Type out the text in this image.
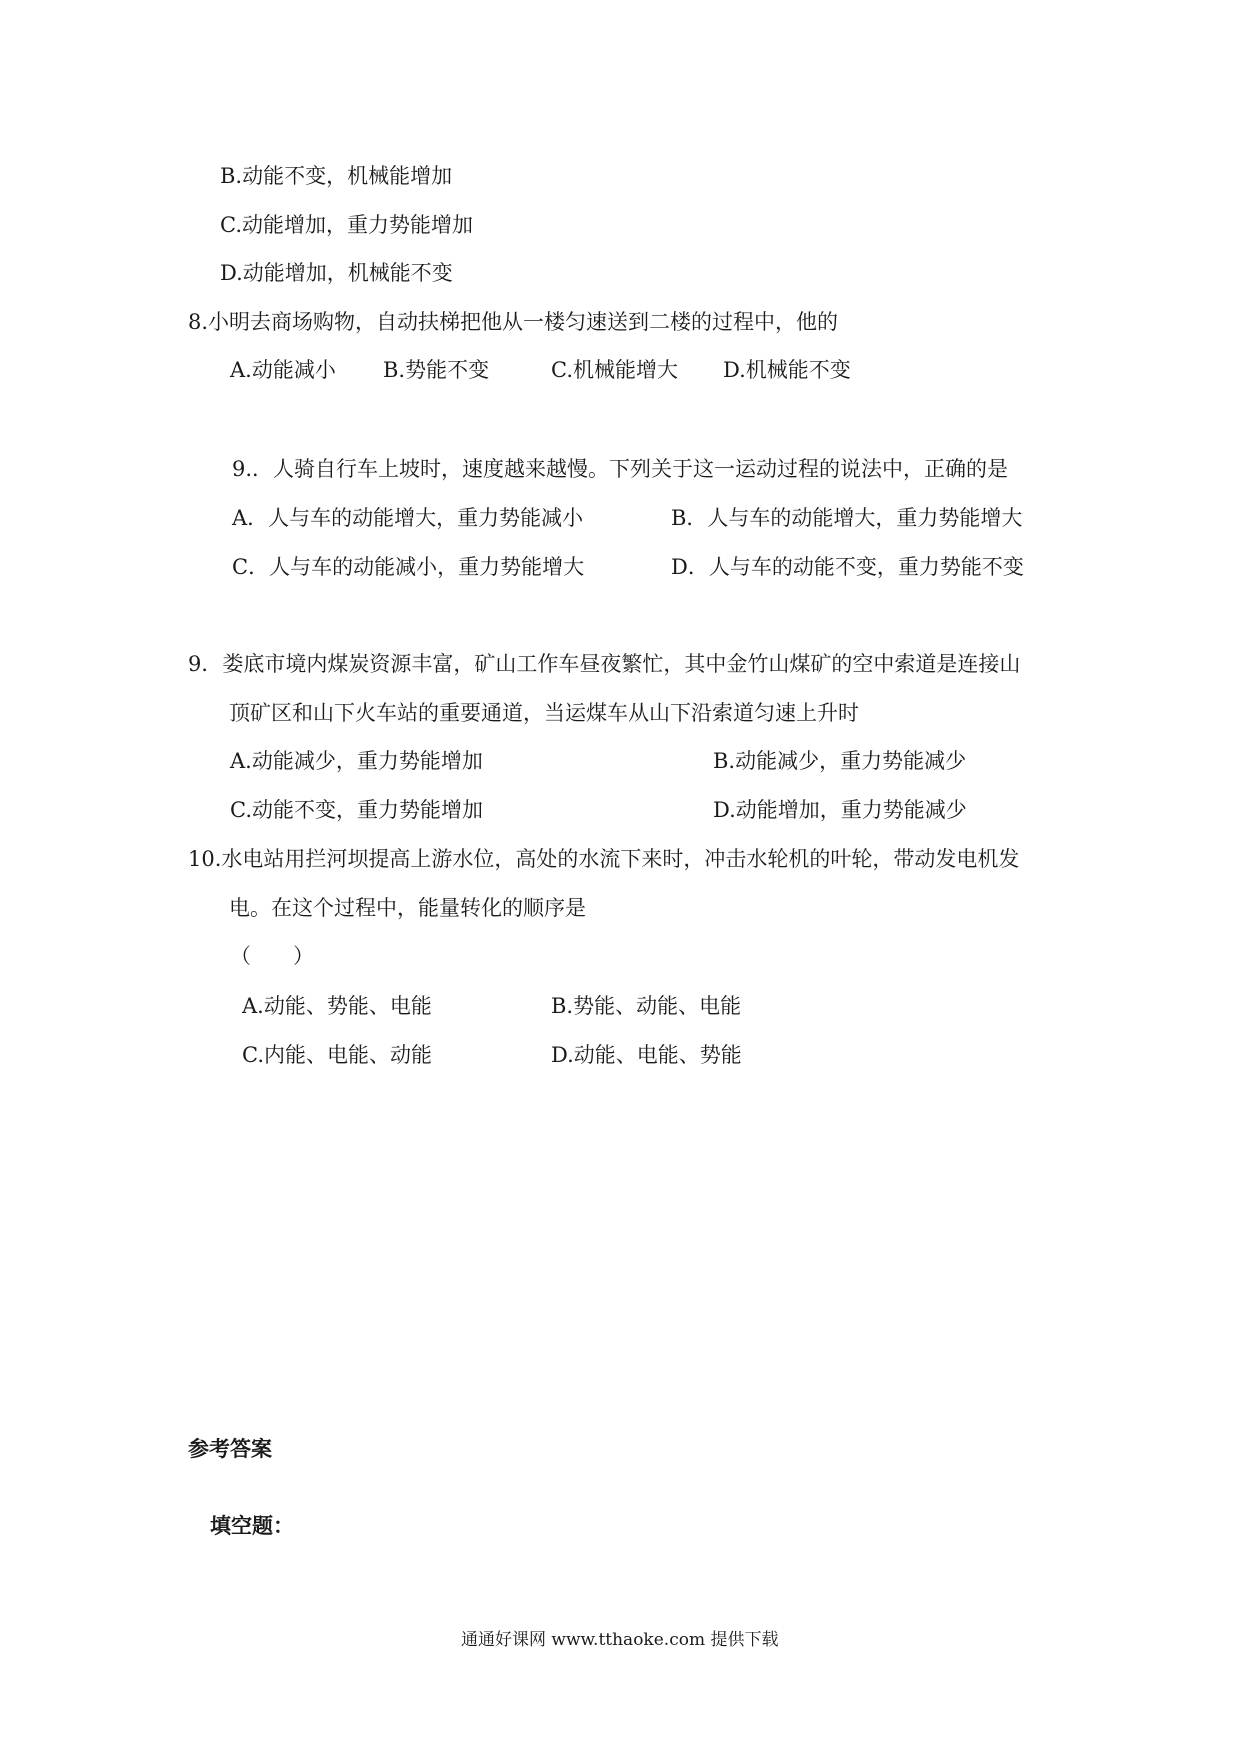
B.动能不变，机械能增加
C.动能增加，重力势能增加
D.动能增加，机械能不变
8.小明去商场购物，自动扶梯把他从一楼匀速送到二楼的过程中，他的
A.动能减小 B.势能不变	C.机械能增大 D.机械能不变
9.．人骑自行车上坡时，速度越来越慢。下列关于这一运动过程的说法中，正确的是
A．人与车的动能增大，重力势能减小	B．人与车的动能增大，重力势能增大
C．人与车的动能减小，重力势能增大	D．人与车的动能不变，重力势能不变
9．娄底市境内煤炭资源丰富，矿山工作车昼夜繁忙，其中金竹山煤矿的空中索道是连接山
顶矿区和山下火车站的重要通道，当运煤车从山下沿索道匀速上升时
A.动能减少，重力势能增加	B.动能减少，重力势能减少
C.动能不变，重力势能增加	D.动能增加，重力势能减少
10.水电站用拦河坝提高上游水位，高处的水流下来时，冲击水轮机的叶轮，带动发电机发
电。在这个过程中，能量转化的顺序是
（　　）
A.动能、势能、电能	B.势能、动能、电能
C.内能、电能、动能	D.动能、电能、势能
参考答案
填空题：
通通好课网 www.tthaoke.com 提供下载
